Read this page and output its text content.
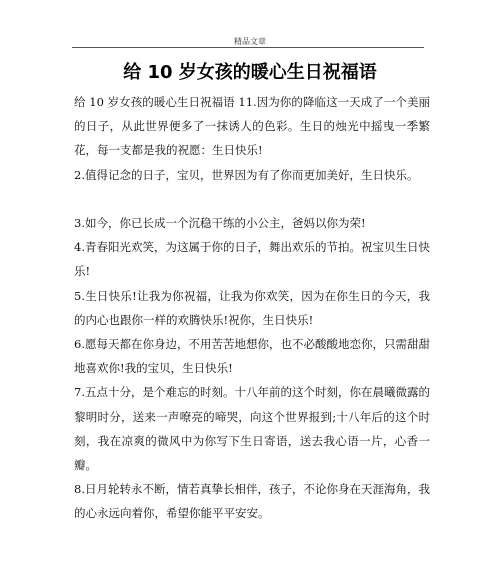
精品文章
给 10 岁女孩的暖心生日祝福语

给 10 岁女孩的暖心生日祝福语 11.因为你的降临这一天成了一个美丽的日子，从此世界便多了一抹诱人的色彩。生日的烛光中摇曳一季繁花，每一支都是我的祝愿：生日快乐!

2.值得记念的日子，宝贝，世界因为有了你而更加美好，生日快乐。

3.如今，你已长成一个沉稳干练的小公主，爸妈以你为荣!

4.青春阳光欢笑，为这属于你的日子，舞出欢乐的节拍。祝宝贝生日快乐!

5.生日快乐!让我为你祝福，让我为你欢笑，因为在你生日的今天，我的内心也跟你一样的欢腾快乐!祝你，生日快乐!

6.愿每天都在你身边，不用苦苦地想你，也不必酸酸地恋你，只需甜甜地喜欢你!我的宝贝，生日快乐!

7.五点十分，是个难忘的时刻。十八年前的这个时刻，你在晨曦微露的黎明时分，送来一声嘹亮的啼哭，向这个世界报到;十八年后的这个时刻，我在凉爽的微风中为你写下生日寄语，送去我心语一片，心香一瓣。

8.日月轮转永不断，情若真挚长相伴，孩子，不论你身在天涯海角，我的心永远向着你，希望你能平平安安。
